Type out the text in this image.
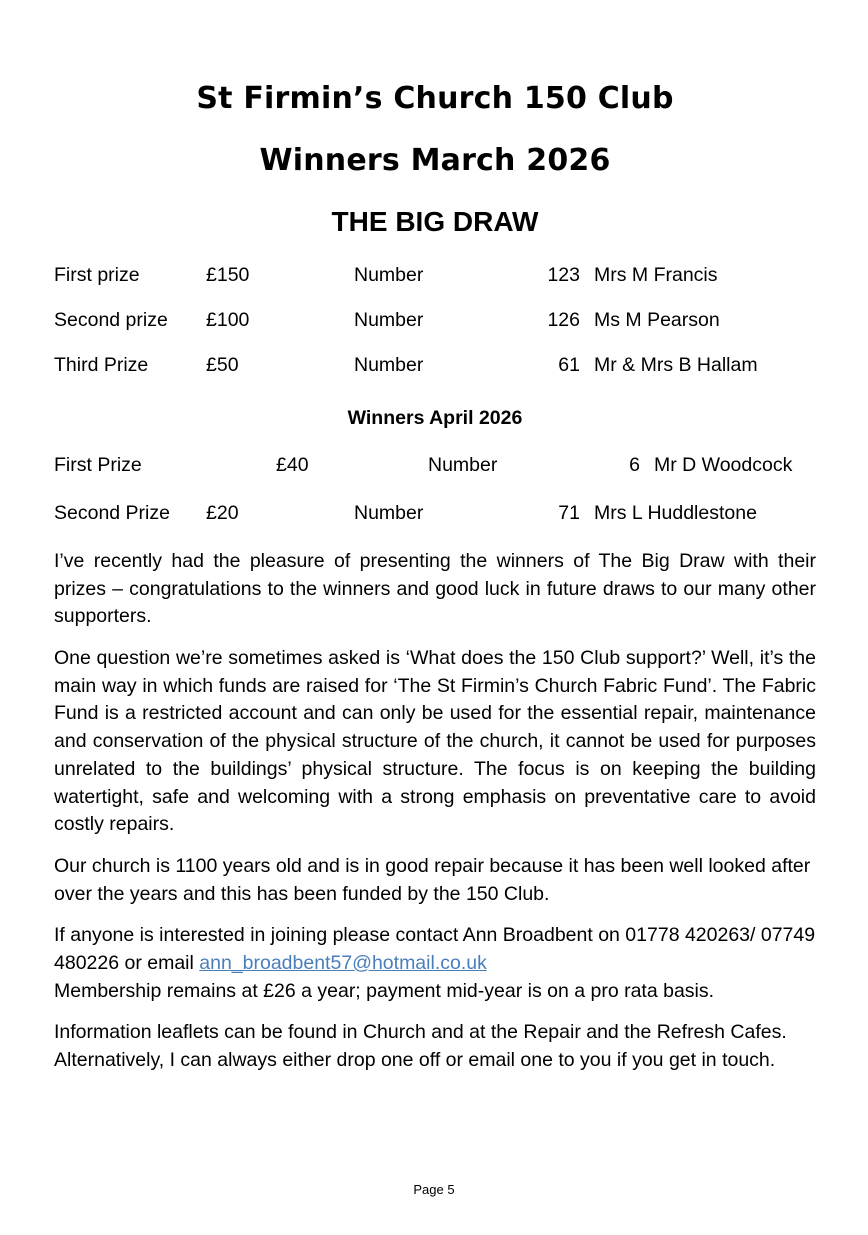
St Firmin’s Church 150 Club
Winners March 2026
THE BIG DRAW
First prize	£150	Number	123	Mrs M Francis
Second prize	£100	Number	126	Ms M Pearson
Third Prize	£50	Number	61	Mr & Mrs B Hallam

Winners April 2026

First Prize	£40	Number	6 Mr D Woodcock
Second Prize £20	Number	71 Mrs L Huddlestone

I’ve recently had the pleasure of presenting the winners of The Big Draw with their prizes – congratulations to the winners and good luck in future draws to our many other supporters.

One question we’re sometimes asked is ‘What does the 150 Club support?’ Well, it’s the main way in which funds are raised for ‘The St Firmin’s Church Fabric Fund’. The Fabric Fund is a restricted account and can only be used for the essential repair, maintenance and conservation of the physical structure of the church, it cannot be used for purposes unrelated to the buildings’ physical structure. The focus is on keeping the building watertight, safe and welcoming with a strong emphasis on preventative care to avoid costly repairs.

Our church is 1100 years old and is in good repair because it has been well looked after over the years and this has been funded by the 150 Club.

If anyone is interested in joining please contact Ann Broadbent on 01778 420263/ 07749 480226 or email ann_broadbent57@hotmail.co.uk
Membership remains at £26 a year; payment mid-year is on a pro rata basis.

Information leaflets can be found in Church and at the Repair and the Refresh Cafes. Alternatively, I can always either drop one off or email one to you if you get in touch.

Page 5
